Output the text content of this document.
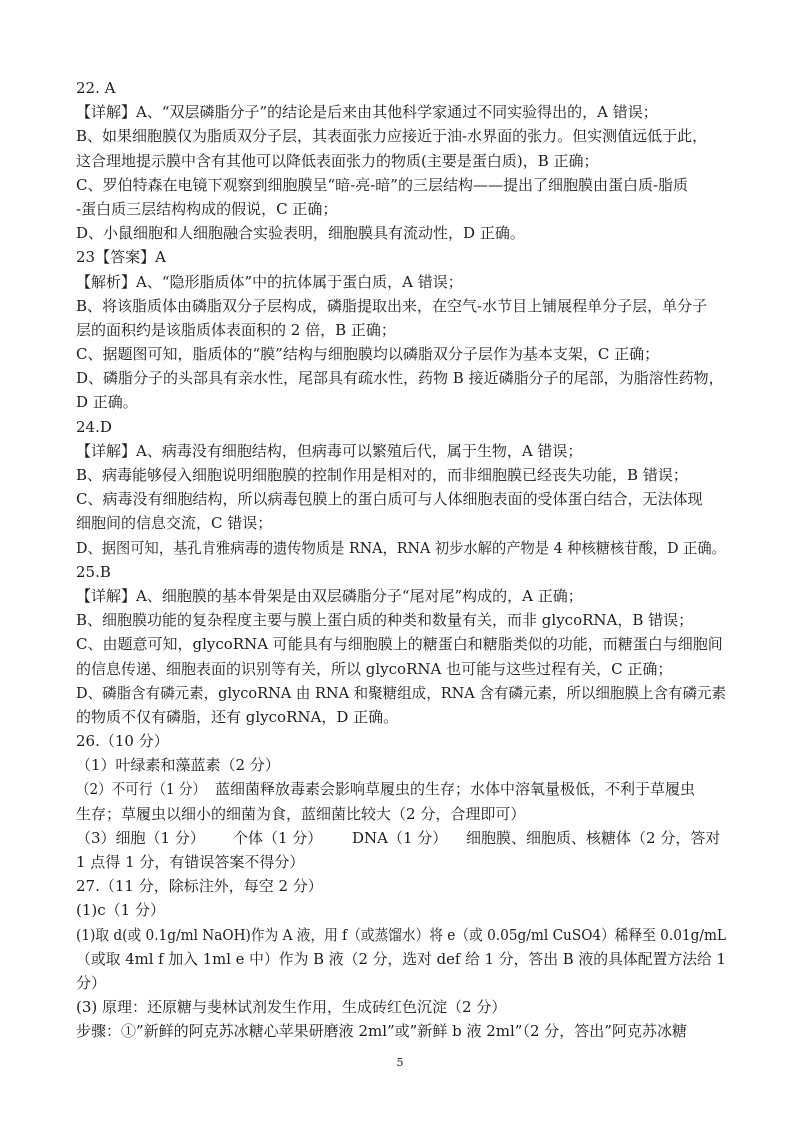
22. A
【详解】A、“双层磷脂分子”的结论是后来由其他科学家通过不同实验得出的，A 错误；
B、如果细胞膜仅为脂质双分子层，其表面张力应接近于油-水界面的张力。但实测值远低于此，
这合理地提示膜中含有其他可以降低表面张力的物质(主要是蛋白质)，B 正确；
C、罗伯特森在电镜下观察到细胞膜呈“暗-亮-暗”的三层结构——提出了细胞膜由蛋白质-脂质
-蛋白质三层结构构成的假说，C 正确；
D、小鼠细胞和人细胞融合实验表明，细胞膜具有流动性，D 正确。
23【答案】A
【解析】A、“隐形脂质体”中的抗体属于蛋白质，A 错误；
B、将该脂质体由磷脂双分子层构成，磷脂提取出来，在空气-水节目上铺展程单分子层，单分子
层的面积约是该脂质体表面积的 2 倍，B 正确；
C、据题图可知，脂质体的“膜”结构与细胞膜均以磷脂双分子层作为基本支架，C 正确；
D、磷脂分子的头部具有亲水性，尾部具有疏水性，药物 B 接近磷脂分子的尾部，为脂溶性药物，
D 正确。
24.D
【详解】A、病毒没有细胞结构，但病毒可以繁殖后代，属于生物，A 错误；
B、病毒能够侵入细胞说明细胞膜的控制作用是相对的，而非细胞膜已经丧失功能，B 错误；
C、病毒没有细胞结构，所以病毒包膜上的蛋白质可与人体细胞表面的受体蛋白结合，无法体现
细胞间的信息交流，C 错误；
D、据图可知，基孔肯雅病毒的遗传物质是 RNA，RNA 初步水解的产物是 4 种核糖核苷酸，D 正确。
25.B
【详解】A、细胞膜的基本骨架是由双层磷脂分子“尾对尾”构成的，A 正确；
B、细胞膜功能的复杂程度主要与膜上蛋白质的种类和数量有关，而非 glycoRNA，B 错误；
C、由题意可知，glycoRNA 可能具有与细胞膜上的糖蛋白和糖脂类似的功能，而糖蛋白与细胞间
的信息传递、细胞表面的识别等有关，所以 glycoRNA 也可能与这些过程有关，C 正确；
D、磷脂含有磷元素，glycoRNA 由 RNA 和聚糖组成，RNA 含有磷元素，所以细胞膜上含有磷元素
的物质不仅有磷脂，还有 glycoRNA，D 正确。
26.（10 分）
（1）叶绿素和藻蓝素（2 分）
（2）不可行（1 分） 蓝细菌释放毒素会影响草履虫的生存；水体中溶氧量极低，不利于草履虫
生存；草履虫以细小的细菌为食，蓝细菌比较大（2 分，合理即可）
（3）细胞（1 分） 个体（1 分） DNA（1 分） 细胞膜、细胞质、核糖体（2 分，答对
1 点得 1 分，有错误答案不得分）
27.（11 分，除标注外，每空 2 分）
(1)c（1 分）
(1)取 d(或 0.1g/ml NaOH)作为 A 液，用 f（或蒸馏水）将 e（或 0.05g/ml CuSO4）稀释至 0.01g/mL
（或取 4ml f 加入 1ml e 中）作为 B 液（2 分，选对 def 给 1 分，答出 B 液的具体配置方法给 1
分）
(3) 原理：还原糖与斐林试剂发生作用，生成砖红色沉淀（2 分）
步骤：①”新鲜的阿克苏冰糖心苹果研磨液 2ml”或”新鲜 b 液 2ml”（2 分，答出”阿克苏冰糖
5
